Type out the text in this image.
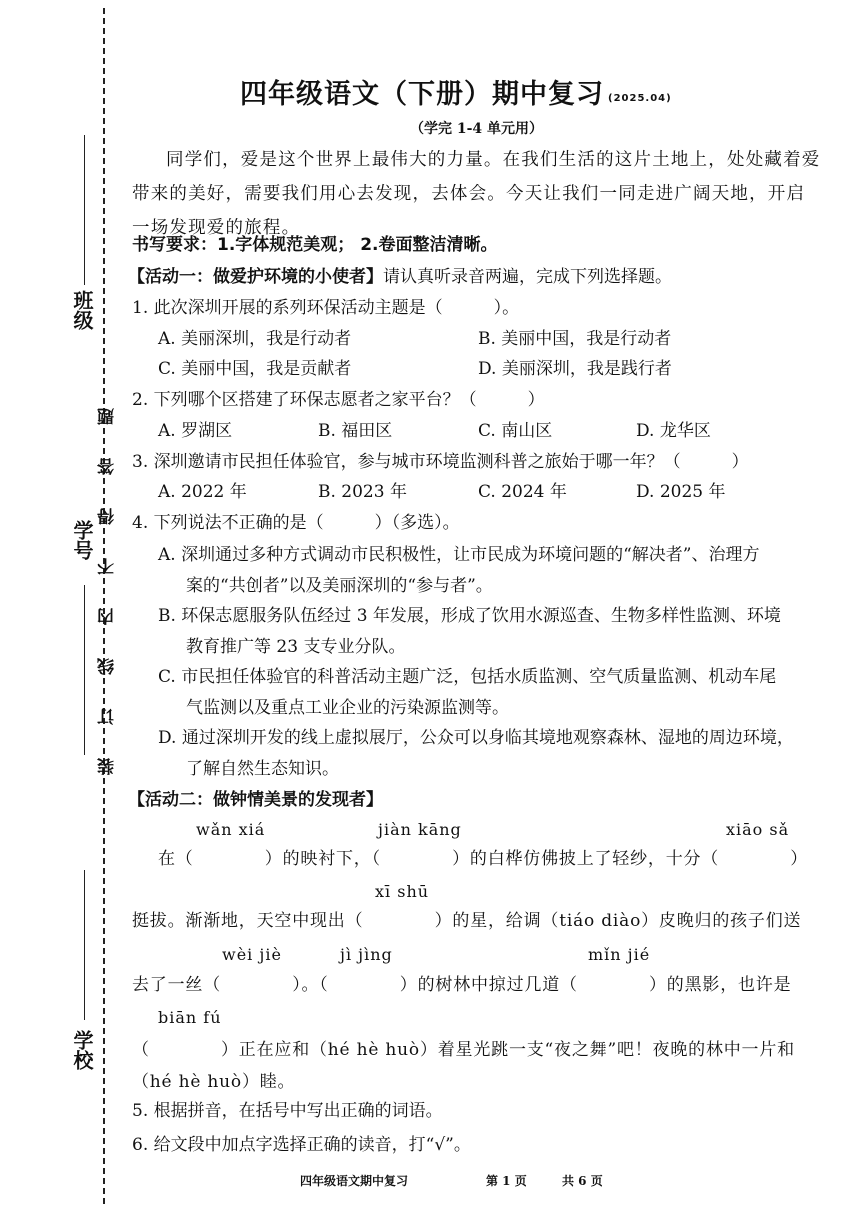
班级
学号
学校
装　订　线　内　不　得　答　题
四年级语文（下册）期中复习 (2025.04)
（学完 1-4 单元用）
同学们，爱是这个世界上最伟大的力量。在我们生活的这片土地上，处处藏着爱带来的美好，需要我们用心去发现，去体会。今天让我们一同走进广阔天地，开启一场发现爱的旅程。
书写要求：1.字体规范美观； 2.卷面整洁清晰。
【活动一：做爱护环境的小使者】请认真听录音两遍，完成下列选择题。
1. 此次深圳开展的系列环保活动主题是（　　　）。
A. 美丽深圳，我是行动者	B. 美丽中国，我是行动者
C. 美丽中国，我是贡献者	D. 美丽深圳，我是践行者
2. 下列哪个区搭建了环保志愿者之家平台？（　　　）
A. 罗湖区	B. 福田区	C. 南山区	D. 龙华区
3. 深圳邀请市民担任体验官，参与城市环境监测科普之旅始于哪一年？（　　　）
A. 2022 年	B. 2023 年	C. 2024 年	D. 2025 年
4. 下列说法不正确的是（　　　）（多选）。
A. 深圳通过多种方式调动市民积极性，让市民成为环境问题的“解决者”、治理方
案的“共创者”以及美丽深圳的“参与者”。
B. 环保志愿服务队伍经过 3 年发展，形成了饮用水源巡查、生物多样性监测、环境
教育推广等 23 支专业分队。
C. 市民担任体验官的科普活动主题广泛，包括水质监测、空气质量监测、机动车尾
气监测以及重点工业企业的污染源监测等。
D. 通过深圳开发的线上虚拟展厅，公众可以身临其境地观察森林、湿地的周边环境，
了解自然生态知识。
【活动二：做钟情美景的发现者】
wǎn xiá	jiàn kāng	xiāo sǎ
在（　　　　）的映衬下，（　　　　）的白桦仿佛披上了轻纱，十分（　　　　）
xī shū
挺拔。渐渐地，天空中现出（　　　　）的星，给调（tiáo diào）皮晚归的孩子们送
wèi jiè	jì jìng	mǐn jié
去了一丝（　　　　）。（　　　　）的树林中掠过几道（　　　　）的黑影，也许是
biān fú
（　　　　）正在应和（hé hè huò）着星光跳一支“夜之舞”吧！夜晚的林中一片和
（hé hè huò）睦。
5. 根据拼音，在括号中写出正确的词语。
6. 给文段中加点字选择正确的读音，打“√”。
四年级语文期中复习	第 1 页	共 6 页
